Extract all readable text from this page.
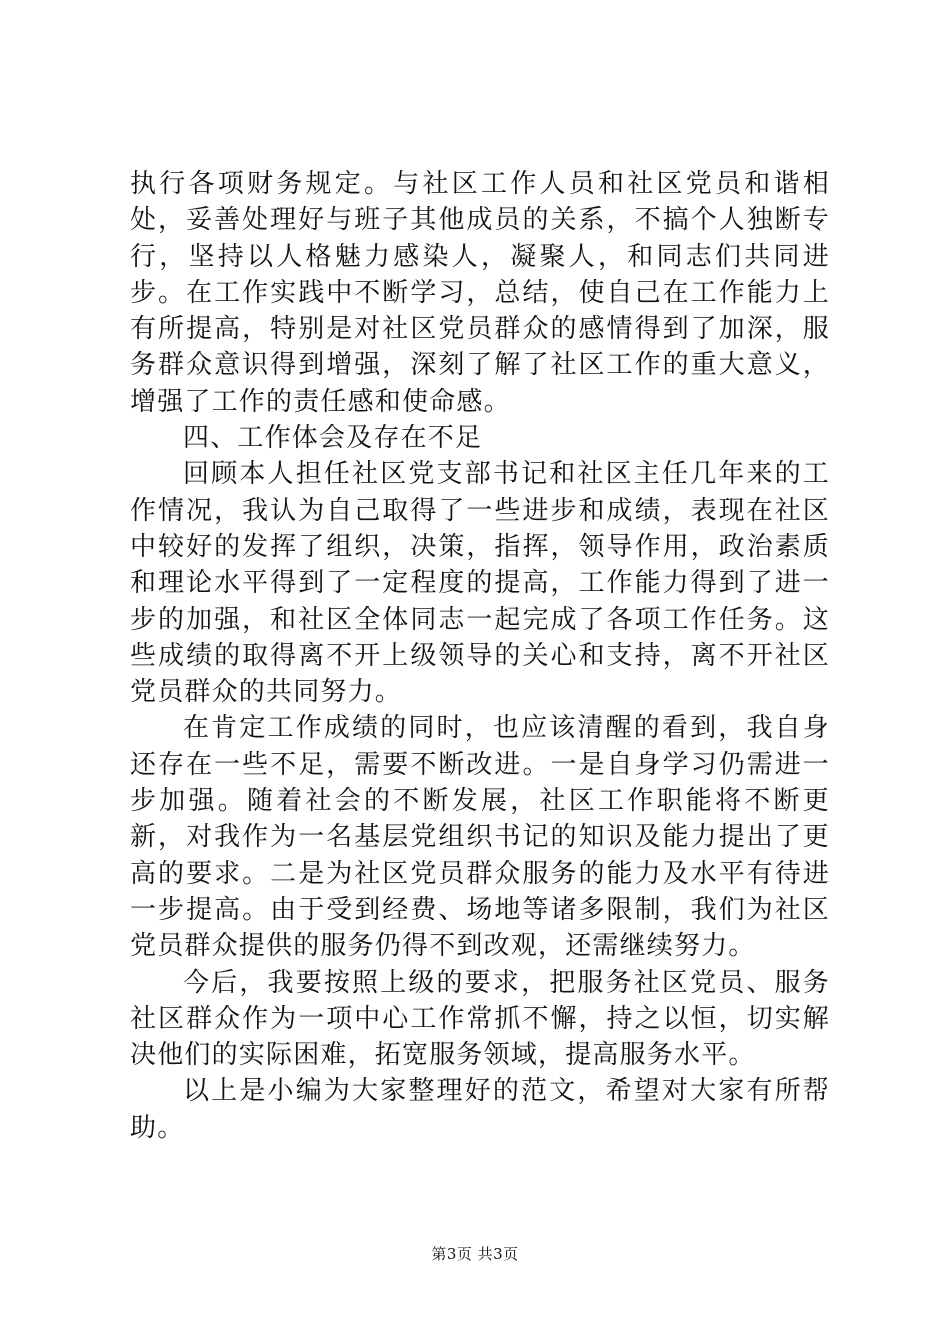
执行各项财务规定。与社区工作人员和社区党员和谐相处，妥善处理好与班子其他成员的关系，不搞个人独断专行，坚持以人格魅力感染人，凝聚人，和同志们共同进步。在工作实践中不断学习，总结，使自己在工作能力上有所提高，特别是对社区党员群众的感情得到了加深，服务群众意识得到增强，深刻了解了社区工作的重大意义，增强了工作的责任感和使命感。

四、工作体会及存在不足

回顾本人担任社区党支部书记和社区主任几年来的工作情况，我认为自己取得了一些进步和成绩，表现在社区中较好的发挥了组织，决策，指挥，领导作用，政治素质和理论水平得到了一定程度的提高，工作能力得到了进一步的加强，和社区全体同志一起完成了各项工作任务。这些成绩的取得离不开上级领导的关心和支持，离不开社区党员群众的共同努力。

在肯定工作成绩的同时，也应该清醒的看到，我自身还存在一些不足，需要不断改进。一是自身学习仍需进一步加强。随着社会的不断发展，社区工作职能将不断更新，对我作为一名基层党组织书记的知识及能力提出了更高的要求。二是为社区党员群众服务的能力及水平有待进一步提高。由于受到经费、场地等诸多限制，我们为社区党员群众提供的服务仍得不到改观，还需继续努力。

今后，我要按照上级的要求，把服务社区党员、服务社区群众作为一项中心工作常抓不懈，持之以恒，切实解决他们的实际困难，拓宽服务领域，提高服务水平。

以上是小编为大家整理好的范文，希望对大家有所帮助。

第3页 共3页
